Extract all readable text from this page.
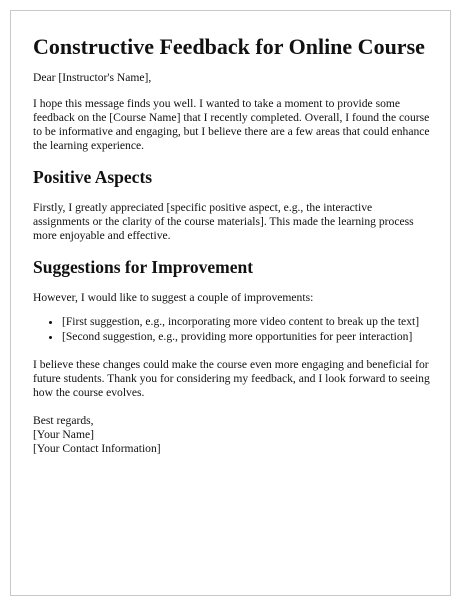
Constructive Feedback for Online Course

Dear [Instructor's Name],

I hope this message finds you well. I wanted to take a moment to provide some feedback on the [Course Name] that I recently completed. Overall, I found the course to be informative and engaging, but I believe there are a few areas that could enhance the learning experience.

Positive Aspects

Firstly, I greatly appreciated [specific positive aspect, e.g., the interactive assignments or the clarity of the course materials]. This made the learning process more enjoyable and effective.

Suggestions for Improvement

However, I would like to suggest a couple of improvements:

• [First suggestion, e.g., incorporating more video content to break up the text]
• [Second suggestion, e.g., providing more opportunities for peer interaction]

I believe these changes could make the course even more engaging and beneficial for future students. Thank you for considering my feedback, and I look forward to seeing how the course evolves.

Best regards,
[Your Name]
[Your Contact Information]
